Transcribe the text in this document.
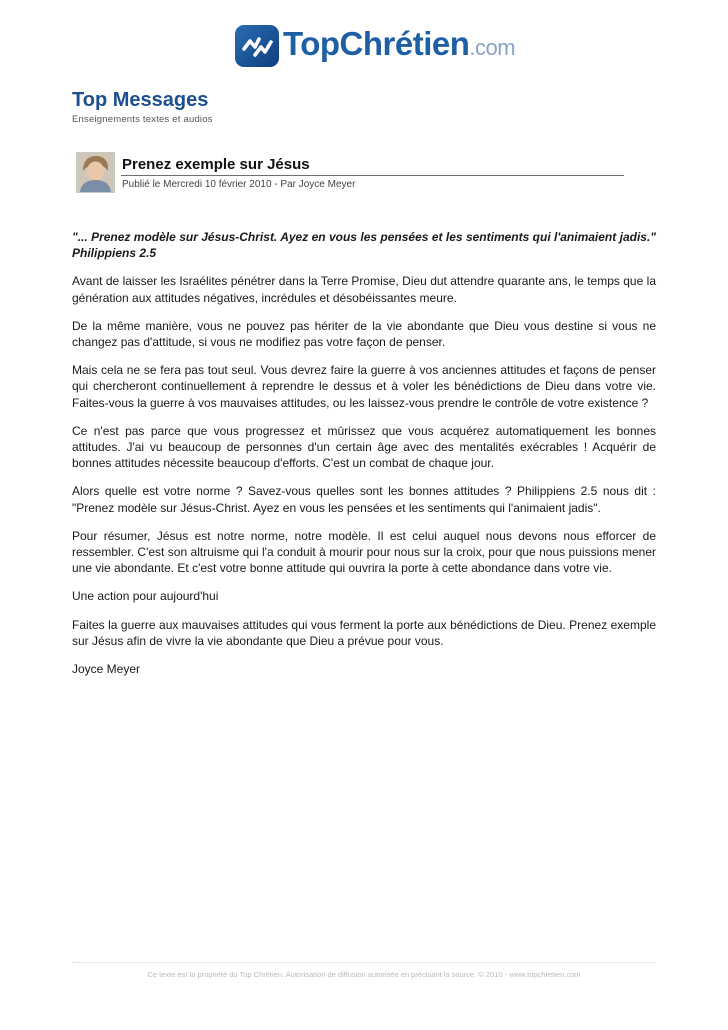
TopChrétien.com
Top Messages
Enseignements textes et audios
Prenez exemple sur Jésus
Publié le Mercredi 10 février 2010 - Par Joyce Meyer

"... Prenez modèle sur Jésus-Christ. Ayez en vous les pensées et les sentiments qui l'animaient jadis." Philippiens 2.5

Avant de laisser les Israélites pénétrer dans la Terre Promise, Dieu dut attendre quarante ans, le temps que la génération aux attitudes négatives, incrédules et désobéissantes meure.

De la même manière, vous ne pouvez pas hériter de la vie abondante que Dieu vous destine si vous ne changez pas d'attitude, si vous ne modifiez pas votre façon de penser.

Mais cela ne se fera pas tout seul. Vous devrez faire la guerre à vos anciennes attitudes et façons de penser qui chercheront continuellement à reprendre le dessus et à voler les bénédictions de Dieu dans votre vie. Faites-vous la guerre à vos mauvaises attitudes, ou les laissez-vous prendre le contrôle de votre existence ?

Ce n'est pas parce que vous progressez et mûrissez que vous acquérez automatiquement les bonnes attitudes. J'ai vu beaucoup de personnes d'un certain âge avec des mentalités exécrables ! Acquérir de bonnes attitudes nécessite beaucoup d'efforts. C'est un combat de chaque jour.

Alors quelle est votre norme ? Savez-vous quelles sont les bonnes attitudes ? Philippiens 2.5 nous dit : "Prenez modèle sur Jésus-Christ. Ayez en vous les pensées et les sentiments qui l'animaient jadis".

Pour résumer, Jésus est notre norme, notre modèle. Il est celui auquel nous devons nous efforcer de ressembler. C'est son altruisme qui l'a conduit à mourir pour nous sur la croix, pour que nous puissions mener une vie abondante. Et c'est votre bonne attitude qui ouvrira la porte à cette abondance dans votre vie.

Une action pour aujourd'hui

Faites la guerre aux mauvaises attitudes qui vous ferment la porte aux bénédictions de Dieu. Prenez exemple sur Jésus afin de vivre la vie abondante que Dieu a prévue pour vous.

Joyce Meyer

Ce texte est la propriété du Top Chrétien. Autorisation de diffusion autorisée en précisant la source. © 2010 - www.topchretien.com
